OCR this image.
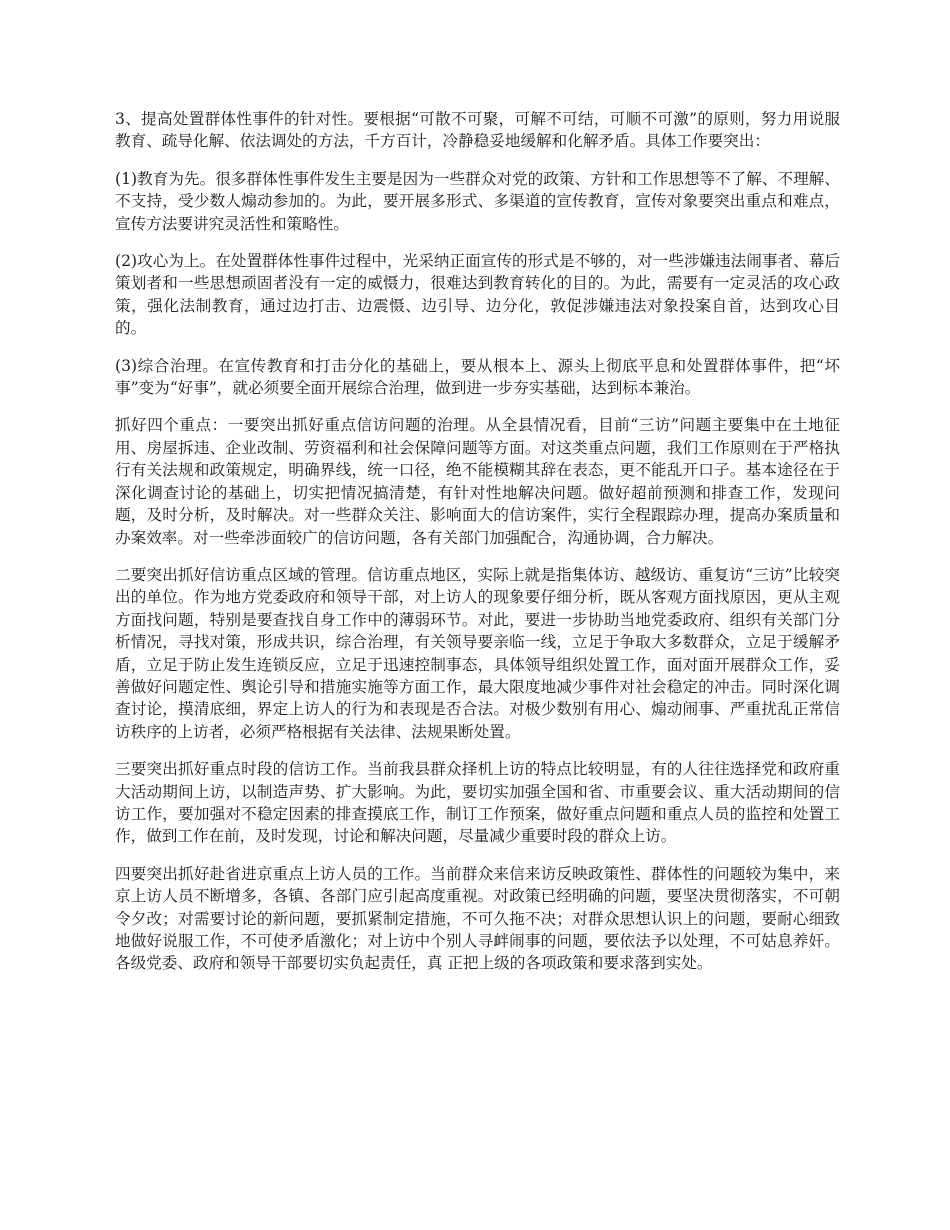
3、提高处置群体性事件的针对性。要根据“可散不可聚，可解不可结，可顺不可激”的原则，努力用说服教育、疏导化解、依法调处的方法，千方百计，冷静稳妥地缓解和化解矛盾。具体工作要突出：

(1)教育为先。很多群体性事件发生主要是因为一些群众对党的政策、方针和工作思想等不了解、不理解、不支持，受少数人煽动参加的。为此，要开展多形式、多渠道的宣传教育，宣传对象要突出重点和难点，宣传方法要讲究灵活性和策略性。

(2)攻心为上。在处置群体性事件过程中，光采纳正面宣传的形式是不够的，对一些涉嫌违法闹事者、幕后策划者和一些思想顽固者没有一定的威慑力，很难达到教育转化的目的。为此，需要有一定灵活的攻心政策，强化法制教育，通过边打击、边震慑、边引导、边分化，敦促涉嫌违法对象投案自首，达到攻心目的。

(3)综合治理。在宣传教育和打击分化的基础上，要从根本上、源头上彻底平息和处置群体事件，把“坏事”变为“好事”，就必须要全面开展综合治理，做到进一步夯实基础，达到标本兼治。

抓好四个重点：一要突出抓好重点信访问题的治理。从全县情况看，目前“三访”问题主要集中在土地征用、房屋拆违、企业改制、劳资福利和社会保障问题等方面。对这类重点问题，我们工作原则在于严格执行有关法规和政策规定，明确界线，统一口径，绝不能模糊其辞在表态，更不能乱开口子。基本途径在于深化调查讨论的基础上，切实把情况搞清楚，有针对性地解决问题。做好超前预测和排查工作，发现问题，及时分析，及时解决。对一些群众关注、影响面大的信访案件，实行全程跟踪办理，提高办案质量和办案效率。对一些牵涉面较广的信访问题，各有关部门加强配合，沟通协调，合力解决。

二要突出抓好信访重点区域的管理。信访重点地区，实际上就是指集体访、越级访、重复访“三访”比较突出的单位。作为地方党委政府和领导干部，对上访人的现象要仔细分析，既从客观方面找原因，更从主观方面找问题，特别是要查找自身工作中的薄弱环节。对此，要进一步协助当地党委政府、组织有关部门分析情况，寻找对策，形成共识，综合治理，有关领导要亲临一线，立足于争取大多数群众，立足于缓解矛盾，立足于防止发生连锁反应，立足于迅速控制事态，具体领导组织处置工作，面对面开展群众工作，妥善做好问题定性、舆论引导和措施实施等方面工作，最大限度地减少事件对社会稳定的冲击。同时深化调查讨论，摸清底细，界定上访人的行为和表现是否合法。对极少数别有用心、煽动闹事、严重扰乱正常信访秩序的上访者，必须严格根据有关法律、法规果断处置。

三要突出抓好重点时段的信访工作。当前我县群众择机上访的特点比较明显，有的人往往选择党和政府重大活动期间上访，以制造声势、扩大影响。为此，要切实加强全国和省、市重要会议、重大活动期间的信访工作，要加强对不稳定因素的排查摸底工作，制订工作预案，做好重点问题和重点人员的监控和处置工作，做到工作在前，及时发现，讨论和解决问题，尽量减少重要时段的群众上访。

四要突出抓好赴省进京重点上访人员的工作。当前群众来信来访反映政策性、群体性的问题较为集中，来京上访人员不断增多，各镇、各部门应引起高度重视。对政策已经明确的问题，要坚决贯彻落实，不可朝令夕改；对需要讨论的新问题，要抓紧制定措施，不可久拖不决；对群众思想认识上的问题，要耐心细致地做好说服工作，不可使矛盾激化；对上访中个别人寻衅闹事的问题，要依法予以处理，不可姑息养奸。各级党委、政府和领导干部要切实负起责任，真 正把上级的各项政策和要求落到实处。
